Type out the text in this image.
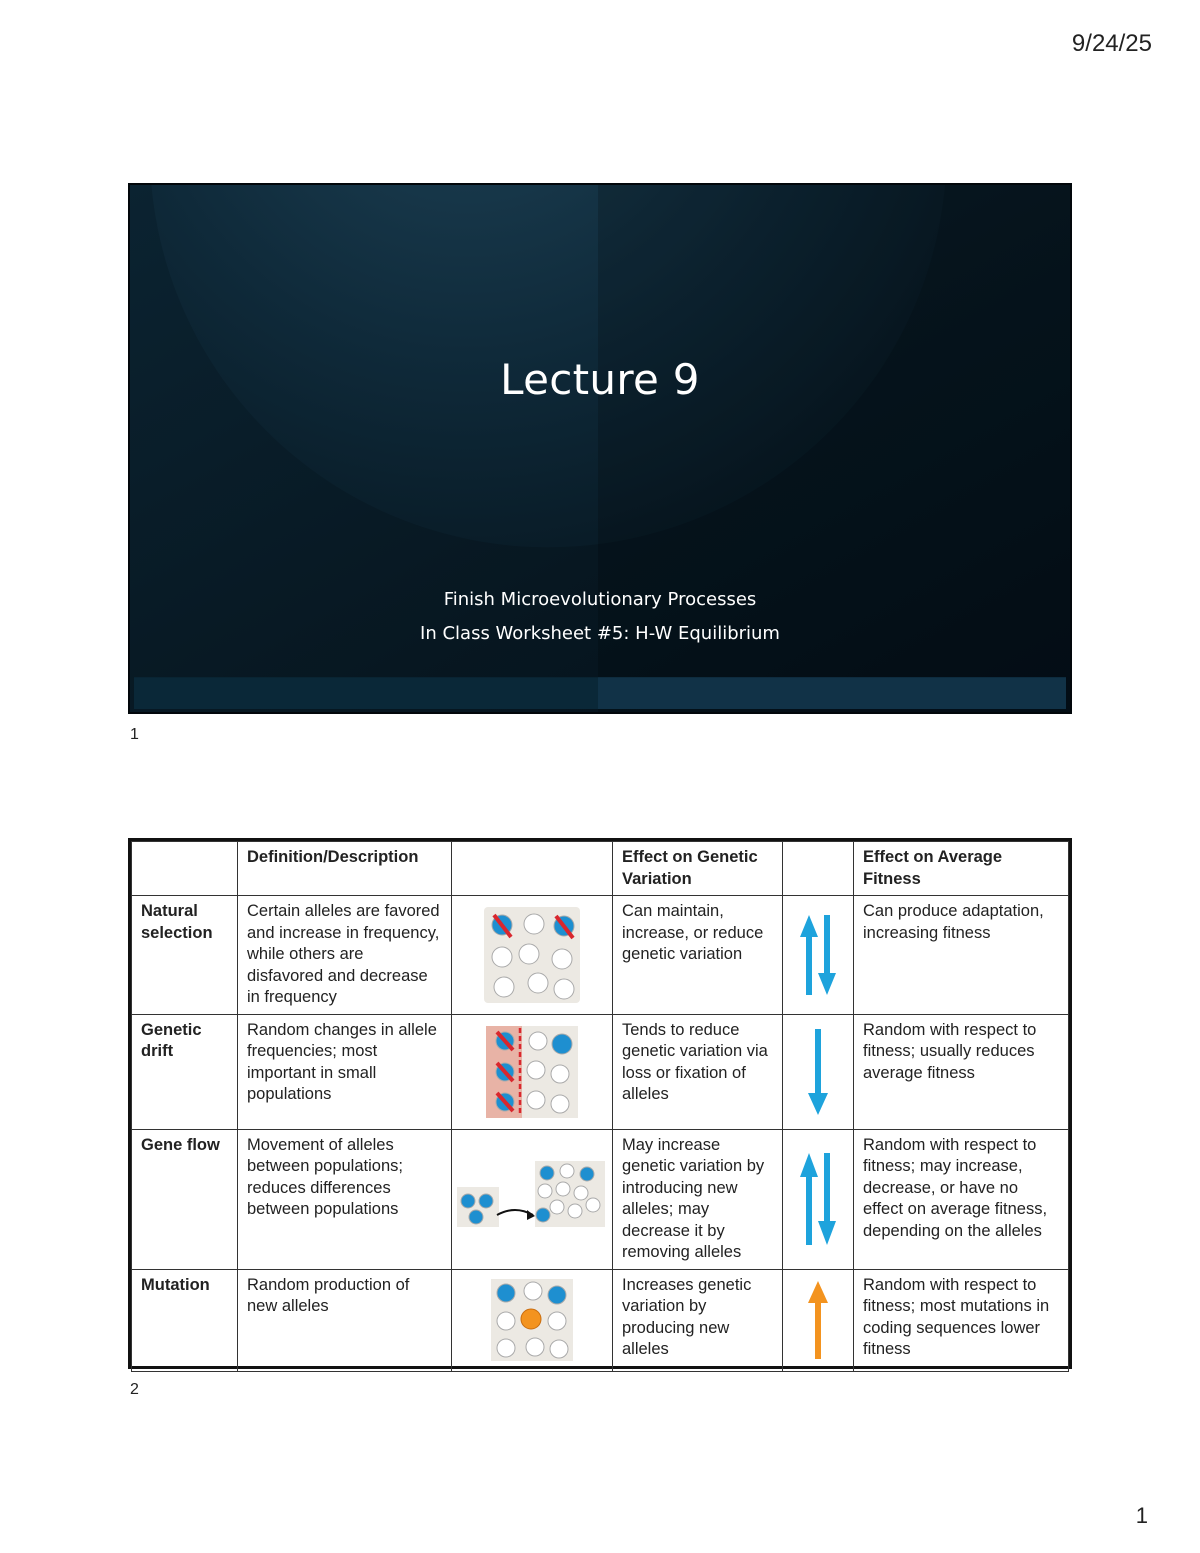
9/24/25
Lecture 9
Finish Microevolutionary Processes
In Class Worksheet #5: H-W Equilibrium
1
	Definition/Description		Effect on Genetic Variation		Effect on Average Fitness
Natural selection	Certain alleles are favored and increase in frequency, while others are disfavored and decrease in frequency		Can maintain, increase, or reduce genetic variation		Can produce adaptation, increasing fitness
Genetic drift	Random changes in allele frequencies; most important in small populations		Tends to reduce genetic variation via loss or fixation of alleles		Random with respect to fitness; usually reduces average fitness
Gene flow	Movement of alleles between populations; reduces differences between populations		May increase genetic variation by introducing new alleles; may decrease it by removing alleles		Random with respect to fitness; may increase, decrease, or have no effect on average fitness, depending on the alleles
Mutation	Random production of new alleles		Increases genetic variation by producing new alleles		Random with respect to fitness; most mutations in coding sequences lower fitness
2
1
